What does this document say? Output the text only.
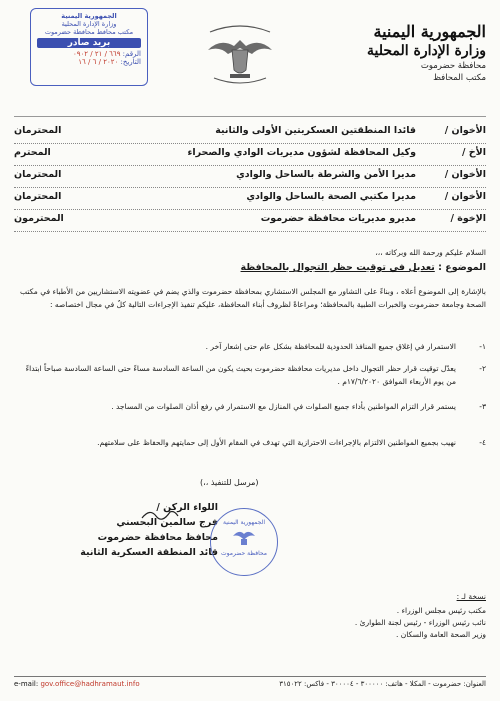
الجمهورية اليمنية
وزارة الإدارة المحلية
محافظة حضرموت
مكتب المحافظ
الجمهورية اليمنية
وزارة الإدارة المحلية
مكتب محافظ محافظة حضرموت
بريد صادر
الرقم: ٦٦٩ / ٢١ / ٠٩٠٢
التاريخ: ٢٠٢٠ / ٦ / ١٦
الأخوان /
قائدا المنطقتين العسكريتين الأولى والثانية
المحترمان
الأخ /
وكيل المحافظة لشؤون مديريات الوادي والصحراء
المحترم
الأخوان /
مديرا الأمن والشرطة بالساحل والوادي
المحترمان
الأخوان /
مديرا مكتبي الصحة بالساحل والوادي
المحترمان
الإخوة /
مديرو مديريات محافظة حضرموت
المحترمون
السلام عليكم ورحمة الله وبركاته ،،،
الموضوع : تعديل في توقيت حظر التجوال بالمحافظة
بالإشارة إلى الموضوع أعلاه ، وبناءً على التشاور مع المجلس الاستشاري بمحافظة حضرموت والذي يضم في عضويته الاستشاريين من الأطباء في مكتب الصحة وجامعة حضرموت والخبرات الطبية بالمحافظة؛ ومراعاةً لظروف أبناء المحافظة، عليكم تنفيذ الإجراءات التالية كلٌ في مجال اختصاصه :
١-
الاستمرار في إغلاق جميع المنافذ الحدودية للمحافظة بشكل عام حتى إشعار آخر .
٢-
يعدّل توقيت قرار حظر التجوال داخل مديريات محافظة حضرموت بحيث يكون من الساعة السادسة مساءً حتى الساعة السادسة صباحاً ابتداءً من يوم الأربعاء الموافق ١٧/٦/٢٠٢٠م .
٣-
يستمر قرار التزام المواطنين بأداء جميع الصلوات في المنازل مع الاستمرار في رفع أذان الصلوات من المساجد .
٤-
نهيب بجميع المواطنين الالتزام بالإجراءات الاحترازية التي تهدف في المقام الأول إلى حمايتهم والحفاظ على سلامتهم.
(مرسل للتنفيذ ،،)
اللواء الركن /
فرج سالمين البحسني
محافظ محافظة حضرموت
قائد المنطقة العسكرية الثانية
الجمهورية اليمنية
محافظة حضرموت
نسخة لـ :
مكتب رئيس مجلس الوزراء .
نائب رئيس الوزراء - رئيس لجنة الطوارئ .
وزير الصحة العامة والسكان .
العنوان: حضرموت - المكلا - هاتف: ٣٠٠٠٠٠ - ٣٠٠٠٠٤ - فاكس: ٣١٥٠٢٢
e-mail: gov.office@hadhramaut.info
